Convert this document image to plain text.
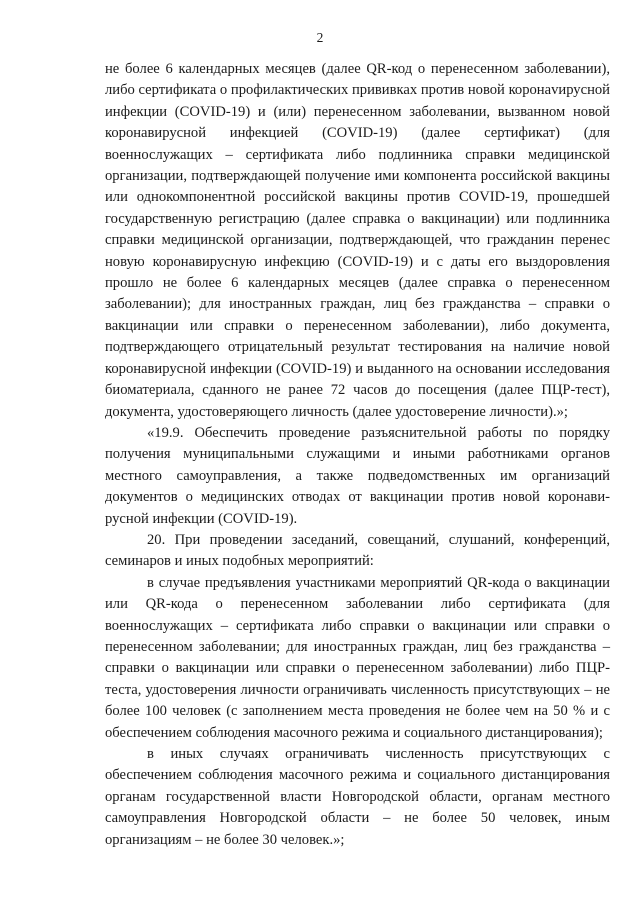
2

не более 6 календарных месяцев (далее QR-код о перенесенном заболевании), либо сертификата о профилактических прививках против новой коронаvирусной инфекции (COVID-19) и (или) перенесенном заболевании, вызванном новой коронавирусной инфекцией (COVID-19) (далее сертификат) (для военнослужащих – сертификата либо подлинника справки медицинской организации, подтверждающей получение ими компонента российской вакцины или однокомпонентной российской вакцины против COVID-19, прошедшей государственную регистрацию (далее справка о вакцинации) или подлинника справки медицинской организации, подтверждающей, что гражданин перенес новую коронавирусную инфекцию (COVID-19) и с даты его выздоровления прошло не более 6 календарных месяцев (далее справка о перенесенном заболевании); для иностранных граждан, лиц без гражданства – справки о вакцинации или справки о перенесенном заболевании), либо документа, подтверждающего отрицательный результат тестирования на наличие новой коронавирусной инфекции (COVID-19) и выданного на основании исследования биоматериала, сданного не ранее 72 часов до посещения (далее ПЦР-тест), документа, удостоверяющего личность (далее удостоверение личности).»;

«19.9. Обеспечить проведение разъяснительной работы по порядку получения муниципальными служащими и иными работниками органов местного самоуправления, а также подведомственных им организаций документов о медицинских отводах от вакцинации против новой коронавирусной инфекции (COVID-19).

20. При проведении заседаний, совещаний, слушаний, конференций, семинаров и иных подобных мероприятий:

в случае предъявления участниками мероприятий QR-кода о вакцинации или QR-кода о перенесенном заболевании либо сертификата (для военнослужащих – сертификата либо справки о вакцинации или справки о перенесенном заболевании; для иностранных граждан, лиц без гражданства – справки о вакцинации или справки о перенесенном заболевании) либо ПЦР-теста, удостоверения личности ограничивать численность присутствующих – не более 100 человек (с заполнением места проведения не более чем на 50 % и с обеспечением соблюдения масочного режима и социального дистанцирования);

в иных случаях ограничивать численность присутствующих с обеспечением соблюдения масочного режима и социального дистанцирования органам государственной власти Новгородской области, органам местного самоуправления Новгородской области – не более 50 человек, иным организациям – не более 30 человек.»;
